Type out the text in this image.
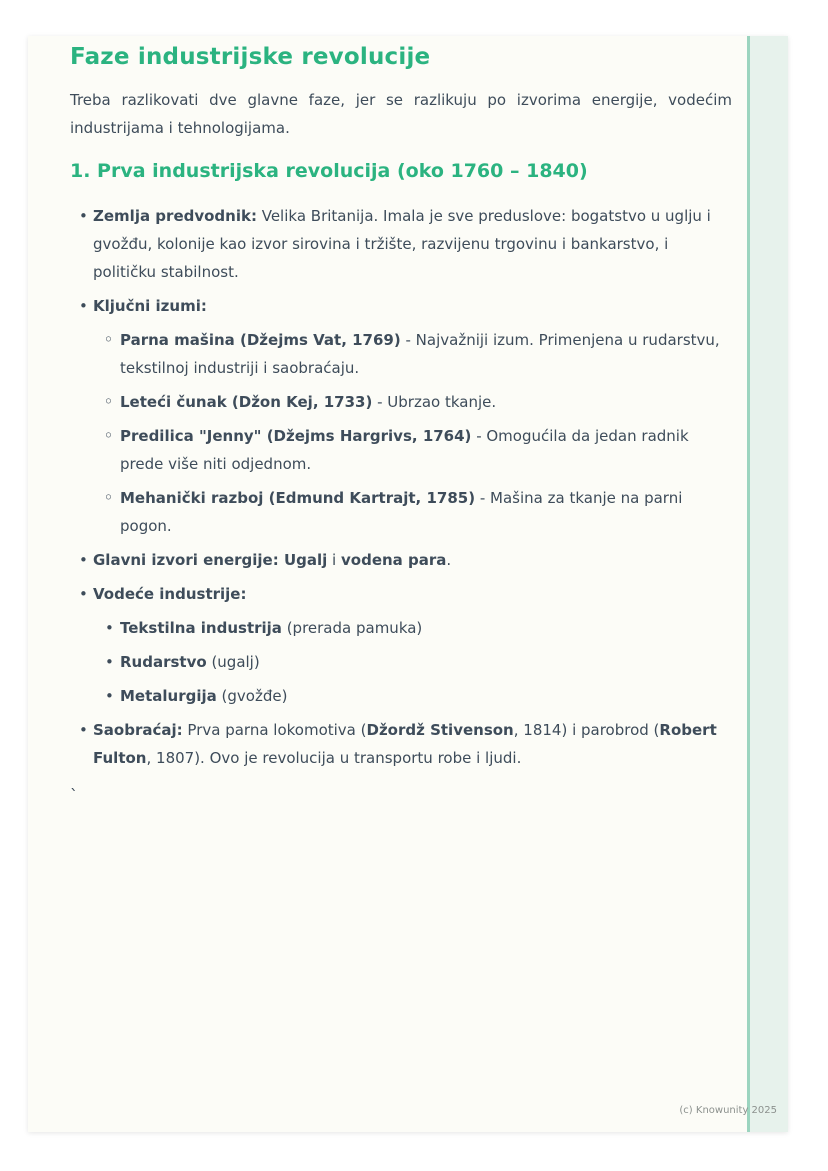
Faze industrijske revolucije

Treba razlikovati dve glavne faze, jer se razlikuju po izvorima energije, vodećim industrijama i tehnologijama.

1. Prva industrijska revolucija (oko 1760 – 1840)
• Zemlja predvodnik: Velika Britanija. Imala je sve preduslove: bogatstvo u uglju i gvožđu, kolonije kao izvor sirovina i tržište, razvijenu trgovinu i bankarstvo, i političku stabilnost.
• Ključni izumi:
◦ Parna mašina (Džejms Vat, 1769) - Najvažniji izum. Primenjena u rudarstvu, tekstilnoj industriji i saobraćaju.
◦ Leteći čunak (Džon Kej, 1733) - Ubrzao tkanje.
◦ Predilica "Jenny" (Džejms Hargrivs, 1764) - Omogućila da jedan radnik prede više niti odjednom.
◦ Mehanički razboj (Edmund Kartrajt, 1785) - Mašina za tkanje na parni pogon.
• Glavni izvori energije: Ugalj i vodena para.
• Vodeće industrije:
• Tekstilna industrija (prerada pamuka)
• Rudarstvo (ugalj)
• Metalurgija (gvožđe)
• Saobraćaj: Prva parna lokomotiva (Džordž Stivenson, 1814) i parobrod (Robert Fulton, 1807). Ovo je revolucija u transportu robe i ljudi.
`
(c) Knowunity 2025
